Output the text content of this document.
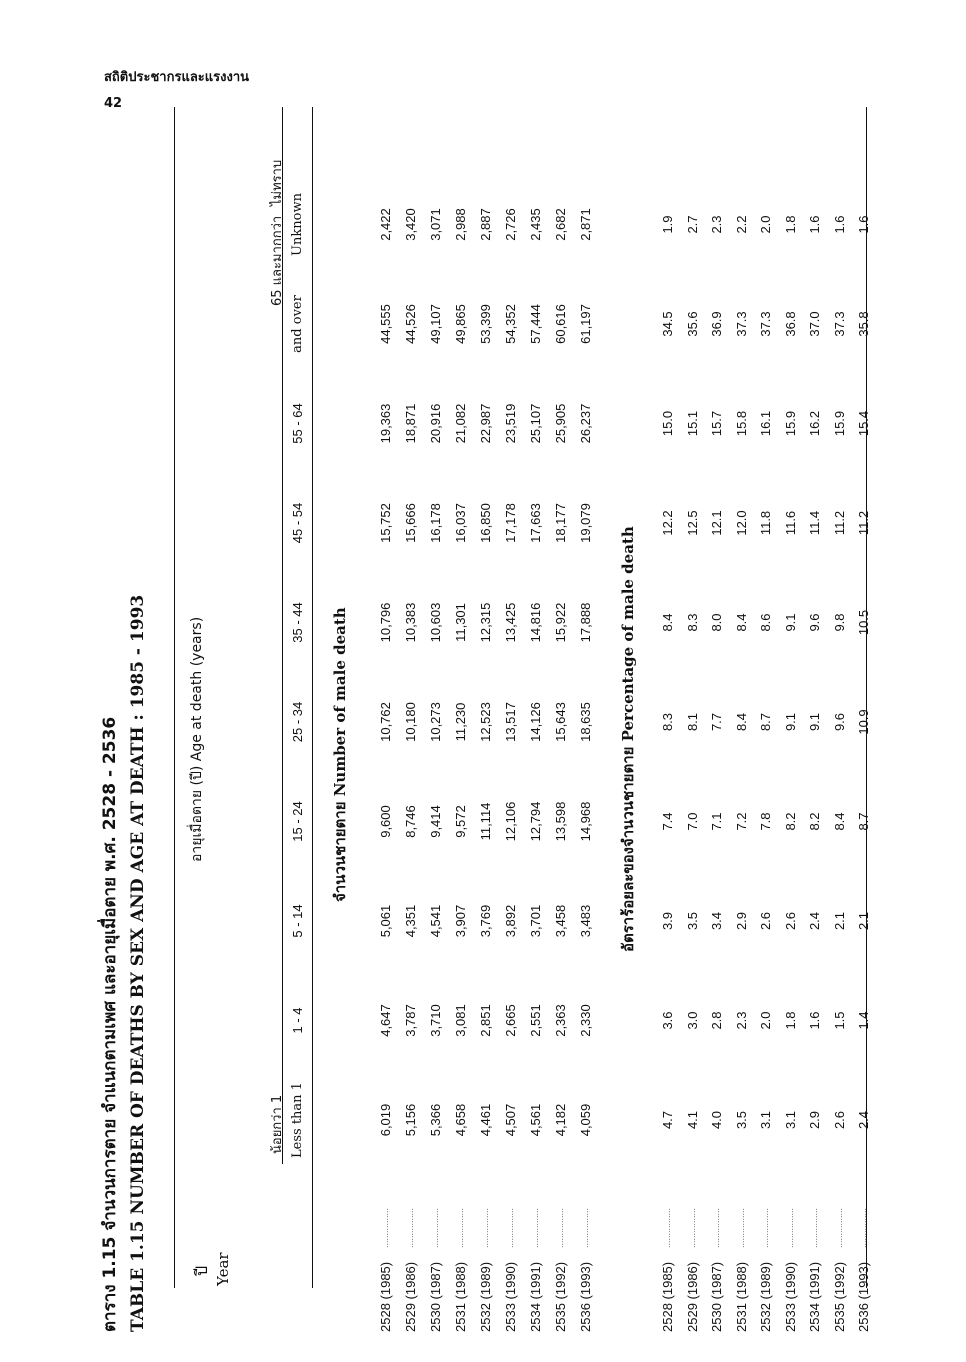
สถิติประชากรและแรงงาน
42
ตาราง 1.15 จำนวนการตาย จำแนกตามเพศ และอายุเมื่อตาย พ.ศ. 2528 - 2536 TABLE 1.15 NUMBER OF DEATHS BY SEX AND AGE AT DEATH : 1985 - 1993	ปี Year
อายุเมื่อตาย (ปี) Age at death (years)
น้อยกว่า 1
65 และมากกว่า
ไม่ทราบ
Less than 1
1 - 4
5 - 14
15 - 24
25 - 34
35 - 44
45 - 54
55 - 64
and over
Unknown
จำนวนชายตาย Number of male death	อัตราร้อยละของจำนวนชายตาย Percentage of male death
2528 (1985)
................
6,019
4,647
5,061
9,600
10,762
10,796
15,752
19,363
44,555
2,422
2529 (1986)
................
5,156
3,787
4,351
8,746
10,180
10,383
15,666
18,871
44,526
3,420
2530 (1987)
................
5,366
3,710
4,541
9,414
10,273
10,603
16,178
20,916
49,107
3,071
2531 (1988)
................
4,658
3,081
3,907
9,572
11,230
11,301
16,037
21,082
49,865
2,988
2532 (1989)
................
4,461
2,851
3,769
11,114
12,523
12,315
16,850
22,987
53,399
2,887
2533 (1990)
................
4,507
2,665
3,892
12,106
13,517
13,425
17,178
23,519
54,352
2,726
2534 (1991)
................
4,561
2,551
3,701
12,794
14,126
14,816
17,663
25,107
57,444
2,435
2535 (1992)
................
4,182
2,363
3,458
13,598
15,643
15,922
18,177
25,905
60,616
2,682
2536 (1993)
................
4,059
2,330
3,483
14,968
18,635
17,888
19,079
26,237
61,197
2,871
2528 (1985)
................
4.7
3.6
3.9
7.4
8.3
8.4
12.2
15.0
34.5
1.9
2529 (1986)
................
4.1
3.0
3.5
7.0
8.1
8.3
12.5
15.1
35.6
2.7
2530 (1987)
................
4.0
2.8
3.4
7.1
7.7
8.0
12.1
15.7
36.9
2.3
2531 (1988)
................
3.5
2.3
2.9
7.2
8.4
8.4
12.0
15.8
37.3
2.2
2532 (1989)
................
3.1
2.0
2.6
7.8
8.7
8.6
11.8
16.1
37.3
2.0
2533 (1990)
................
3.1
1.8
2.6
8.2
9.1
9.1
11.6
15.9
36.8
1.8
2534 (1991)
................
2.9
1.6
2.4
8.2
9.1
9.6
11.4
16.2
37.0
1.6
2535 (1992)
................
2.6
1.5
2.1
8.4
9.6
9.8
11.2
15.9
37.3
1.6
2536 (1993)
................
2.4
1.4
2.1
8.7
10.9
10.5
11.2
15.4
35.8
1.6
